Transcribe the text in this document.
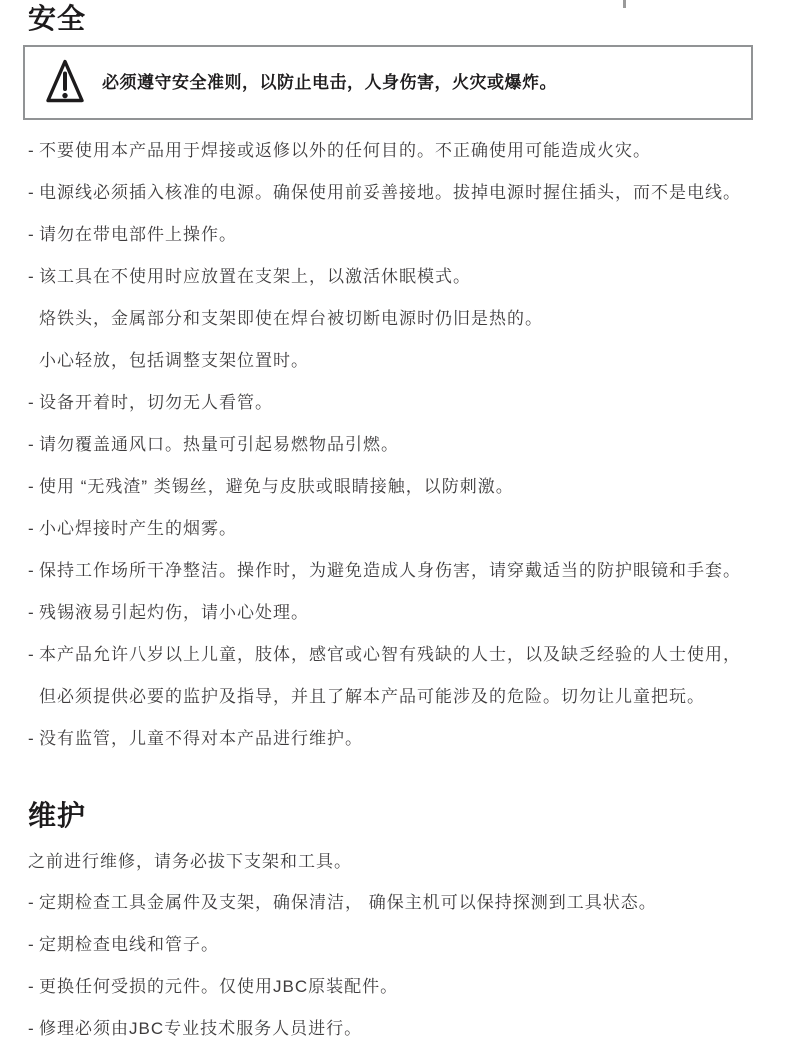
安全
必须遵守安全准则，以防止电击，人身伤害，火灾或爆炸。

- 不要使用本产品用于焊接或返修以外的任何目的。不正确使用可能造成火灾。

- 电源线必须插入核准的电源。确保使用前妥善接地。拔掉电源时握住插头，而不是电线。

- 请勿在带电部件上操作。

- 该工具在不使用时应放置在支架上，以激活休眠模式。

烙铁头，金属部分和支架即使在焊台被切断电源时仍旧是热的。

小心轻放，包括调整支架位置时。

- 设备开着时，切勿无人看管。

- 请勿覆盖通风口。热量可引起易燃物品引燃。

- 使用 “无残渣” 类锡丝，避免与皮肤或眼睛接触，以防刺激。

- 小心焊接时产生的烟雾。

- 保持工作场所干净整洁。操作时，为避免造成人身伤害，请穿戴适当的防护眼镜和手套。

- 残锡液易引起灼伤，请小心处理。

- 本产品允许八岁以上儿童，肢体，感官或心智有残缺的人士，以及缺乏经验的人士使用，

但必须提供必要的监护及指导，并且了解本产品可能涉及的危险。切勿让儿童把玩。

- 没有监管，儿童不得对本产品进行维护。

维护

之前进行维修，请务必拔下支架和工具。

- 定期检查工具金属件及支架，确保清洁， 确保主机可以保持探测到工具状态。

- 定期检查电线和管子。

- 更换任何受损的元件。仅使用JBC原装配件。

- 修理必须由JBC专业技术服务人员进行。
